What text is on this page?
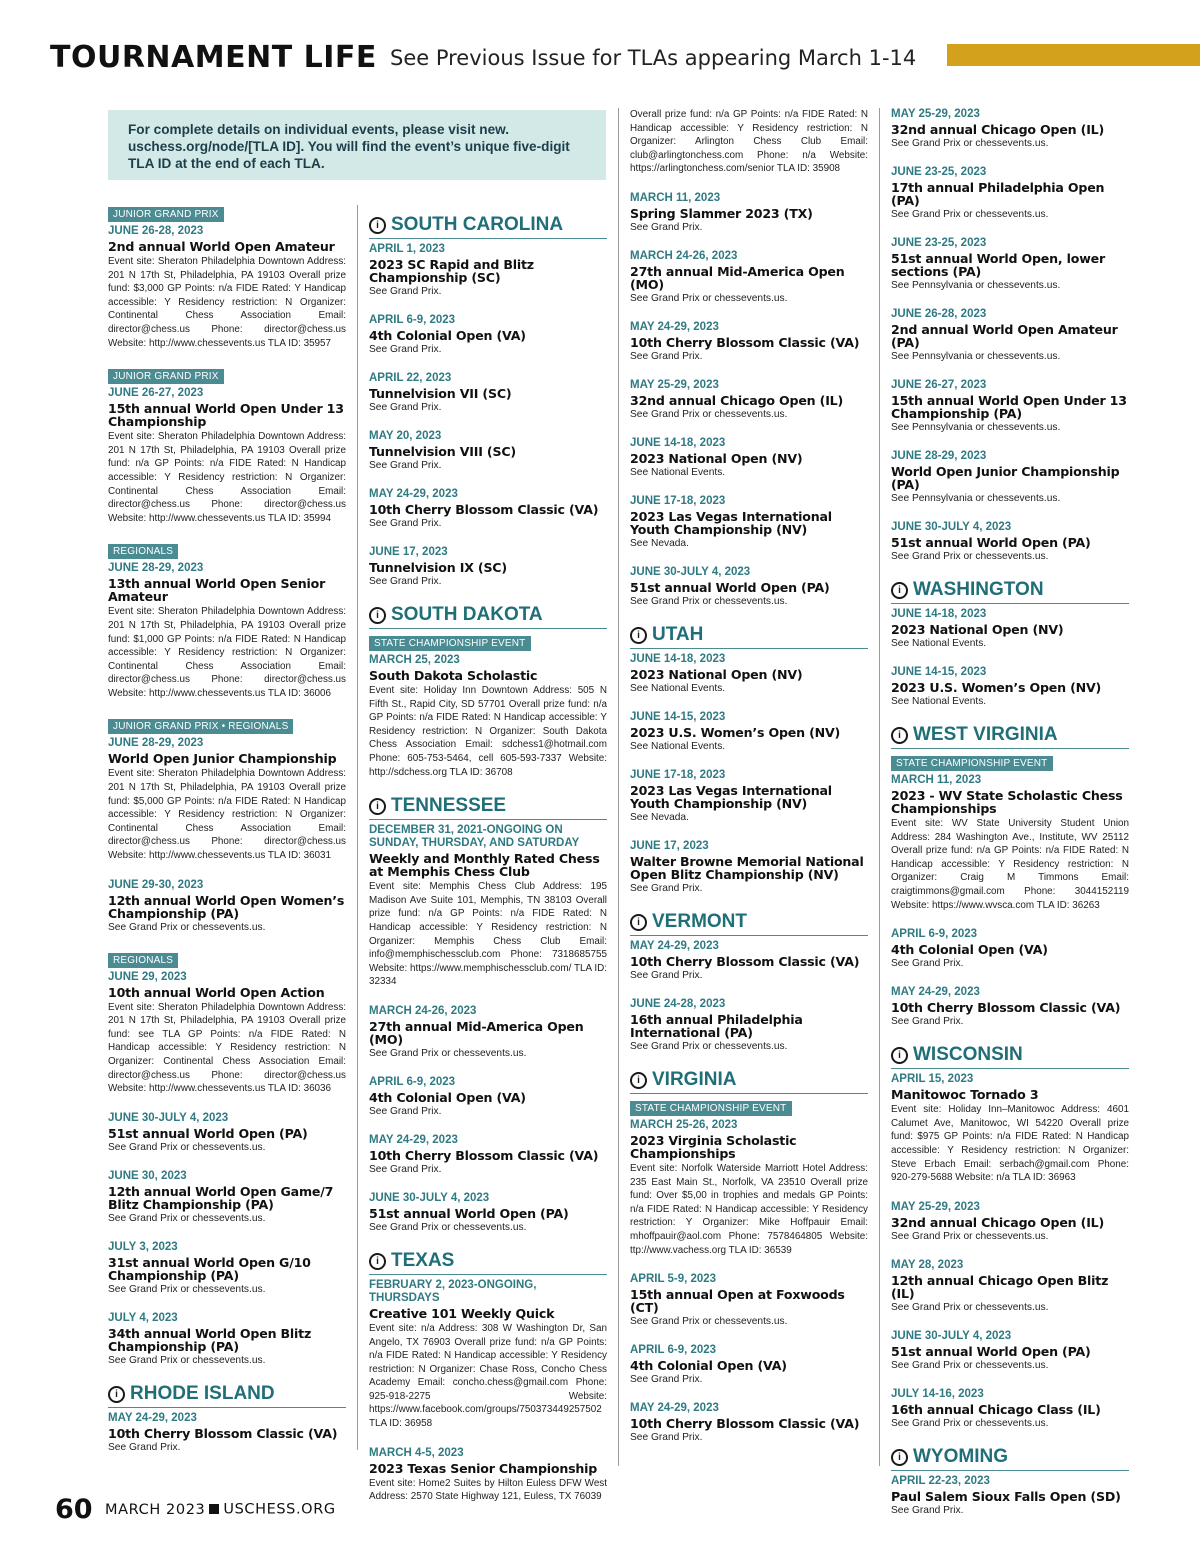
TOURNAMENT LIFE See Previous Issue for TLAs appearing March 1-14
For complete details on individual events, please visit new. uschess.org/node/[TLA ID]. You will find the event’s unique five-digit TLA ID at the end of each TLA.
JUNIOR GRAND PRIX
JUNE 26-28, 2023
2nd annual World Open Amateur
Event site: Sheraton Philadelphia Downtown Address: 201 N 17th St, Philadelphia, PA 19103 Overall prize fund: $3,000 GP Points: n/a FIDE Rated: Y Handicap accessible: Y Residency restriction: N Organizer: Continental Chess Association Email: director@chess.us Phone: director@chess.us Website: http://www.chessevents.us TLA ID: 35957
JUNIOR GRAND PRIX
JUNE 26-27, 2023
15th annual World Open Under 13 Championship
Event site: Sheraton Philadelphia Downtown Address: 201 N 17th St, Philadelphia, PA 19103 Overall prize fund: n/a GP Points: n/a FIDE Rated: N Handicap accessible: Y Residency restriction: N Organizer: Continental Chess Association Email: director@chess.us Phone: director@chess.us Website: http://www.chessevents.us TLA ID: 35994
REGIONALS
JUNE 28-29, 2023
13th annual World Open Senior Amateur
Event site: Sheraton Philadelphia Downtown Address: 201 N 17th St, Philadelphia, PA 19103 Overall prize fund: $1,000 GP Points: n/a FIDE Rated: N Handicap accessible: Y Residency restriction: N Organizer: Continental Chess Association Email: director@chess.us Phone: director@chess.us Website: http://www.chessevents.us TLA ID: 36006
JUNIOR GRAND PRIX • REGIONALS
JUNE 28-29, 2023
World Open Junior Championship
Event site: Sheraton Philadelphia Downtown Address: 201 N 17th St, Philadelphia, PA 19103 Overall prize fund: $5,000 GP Points: n/a FIDE Rated: N Handicap accessible: Y Residency restriction: N Organizer: Continental Chess Association Email: director@chess.us Phone: director@chess.us Website: http://www.chessevents.us TLA ID: 36031
JUNE 29-30, 2023
12th annual World Open Women’s Championship (PA)
See Grand Prix or chessevents.us.
REGIONALS
JUNE 29, 2023
10th annual World Open Action
Event site: Sheraton Philadelphia Downtown Address: 201 N 17th St, Philadelphia, PA 19103 Overall prize fund: see TLA GP Points: n/a FIDE Rated: N Handicap accessible: Y Residency restriction: N Organizer: Continental Chess Association Email: director@chess.us Phone: director@chess.us Website: http://www.chessevents.us TLA ID: 36036
JUNE 30-JULY 4, 2023
51st annual World Open (PA)
See Grand Prix or chessevents.us.
JUNE 30, 2023
12th annual World Open Game/7 Blitz Championship (PA)
See Grand Prix or chessevents.us.
JULY 3, 2023
31st annual World Open G/10 Championship (PA)
See Grand Prix or chessevents.us.
JULY 4, 2023
34th annual World Open Blitz Championship (PA)
See Grand Prix or chessevents.us.
i RHODE ISLAND
MAY 24-29, 2023
10th Cherry Blossom Classic (VA)
See Grand Prix.
i SOUTH CAROLINA
APRIL 1, 2023
2023 SC Rapid and Blitz Championship (SC)
See Grand Prix.
APRIL 6-9, 2023
4th Colonial Open (VA)
See Grand Prix.
APRIL 22, 2023
Tunnelvision VII (SC)
See Grand Prix.
MAY 20, 2023
Tunnelvision VIII (SC)
See Grand Prix.
MAY 24-29, 2023
10th Cherry Blossom Classic (VA)
See Grand Prix.
JUNE 17, 2023
Tunnelvision IX (SC)
See Grand Prix.
i SOUTH DAKOTA
STATE CHAMPIONSHIP EVENT
MARCH 25, 2023
South Dakota Scholastic
Event site: Holiday Inn Downtown Address: 505 N Fifth St., Rapid City, SD 57701 Overall prize fund: n/a GP Points: n/a FIDE Rated: N Handicap accessible: Y Residency restriction: N Organizer: South Dakota Chess Association Email: sdchess1@hotmail.com Phone: 605-753-5464, cell 605-593-7337 Website: http://sdchess.org TLA ID: 36708
i TENNESSEE
DECEMBER 31, 2021-ONGOING ON SUNDAY, THURSDAY, AND SATURDAY
Weekly and Monthly Rated Chess at Memphis Chess Club
Event site: Memphis Chess Club Address: 195 Madison Ave Suite 101, Memphis, TN 38103 Overall prize fund: n/a GP Points: n/a FIDE Rated: N Handicap accessible: Y Residency restriction: N Organizer: Memphis Chess Club Email: info@memphischessclub.com Phone: 7318685755 Website: https://www.memphischessclub.com/ TLA ID: 32334
MARCH 24-26, 2023
27th annual Mid-America Open (MO)
See Grand Prix or chessevents.us.
APRIL 6-9, 2023
4th Colonial Open (VA)
See Grand Prix.
MAY 24-29, 2023
10th Cherry Blossom Classic (VA)
See Grand Prix.
JUNE 30-JULY 4, 2023
51st annual World Open (PA)
See Grand Prix or chessevents.us.
i TEXAS
FEBRUARY 2, 2023-ONGOING, THURSDAYS
Creative 101 Weekly Quick
Event site: n/a Address: 308 W Washington Dr, San Angelo, TX 76903 Overall prize fund: n/a GP Points: n/a FIDE Rated: N Handicap accessible: Y Residency restriction: N Organizer: Chase Ross, Concho Chess Academy Email: concho.chess@gmail.com Phone: 925-918-2275 Website: https://www.facebook.com/groups/750373449257502 TLA ID: 36958
MARCH 4-5, 2023
2023 Texas Senior Championship
Event site: Home2 Suites by Hilton Euless DFW West Address: 2570 State Highway 121, Euless, TX 76039
Overall prize fund: n/a GP Points: n/a FIDE Rated: N Handicap accessible: Y Residency restriction: N Organizer: Arlington Chess Club Email: club@arlingtonchess.com Phone: n/a Website: https://arlingtonchess.com/senior TLA ID: 35908
MARCH 11, 2023
Spring Slammer 2023 (TX)
See Grand Prix.
MARCH 24-26, 2023
27th annual Mid-America Open (MO)
See Grand Prix or chessevents.us.
MAY 24-29, 2023
10th Cherry Blossom Classic (VA)
See Grand Prix.
MAY 25-29, 2023
32nd annual Chicago Open (IL)
See Grand Prix or chessevents.us.
JUNE 14-18, 2023
2023 National Open (NV)
See National Events.
JUNE 17-18, 2023
2023 Las Vegas International Youth Championship (NV)
See Nevada.
JUNE 30-JULY 4, 2023
51st annual World Open (PA)
See Grand Prix or chessevents.us.
i UTAH
JUNE 14-18, 2023
2023 National Open (NV)
See National Events.
JUNE 14-15, 2023
2023 U.S. Women’s Open (NV)
See National Events.
JUNE 17-18, 2023
2023 Las Vegas International Youth Championship (NV)
See Nevada.
JUNE 17, 2023
Walter Browne Memorial National Open Blitz Championship (NV)
See Grand Prix.
i VERMONT
MAY 24-29, 2023
10th Cherry Blossom Classic (VA)
See Grand Prix.
JUNE 24-28, 2023
16th annual Philadelphia International (PA)
See Grand Prix or chessevents.us.
i VIRGINIA
STATE CHAMPIONSHIP EVENT
MARCH 25-26, 2023
2023 Virginia Scholastic Championships
Event site: Norfolk Waterside Marriott Hotel Address: 235 East Main St., Norfolk, VA 23510 Overall prize fund: Over $5,00 in trophies and medals GP Points: n/a FIDE Rated: N Handicap accessible: Y Residency restriction: Y Organizer: Mike Hoffpauir Email: mhoffpauir@aol.com Phone: 7578464805 Website: ttp://www.vachess.org TLA ID: 36539
APRIL 5-9, 2023
15th annual Open at Foxwoods (CT)
See Grand Prix or chessevents.us.
APRIL 6-9, 2023
4th Colonial Open (VA)
See Grand Prix.
MAY 24-29, 2023
10th Cherry Blossom Classic (VA)
See Grand Prix.
MAY 25-29, 2023
32nd annual Chicago Open (IL)
See Grand Prix or chessevents.us.
JUNE 23-25, 2023
17th annual Philadelphia Open (PA)
See Grand Prix or chessevents.us.
JUNE 23-25, 2023
51st annual World Open, lower sections (PA)
See Pennsylvania or chessevents.us.
JUNE 26-28, 2023
2nd annual World Open Amateur (PA)
See Pennsylvania or chessevents.us.
JUNE 26-27, 2023
15th annual World Open Under 13 Championship (PA)
See Pennsylvania or chessevents.us.
JUNE 28-29, 2023
World Open Junior Championship (PA)
See Pennsylvania or chessevents.us.
JUNE 30-JULY 4, 2023
51st annual World Open (PA)
See Grand Prix or chessevents.us.
i WASHINGTON
JUNE 14-18, 2023
2023 National Open (NV)
See National Events.
JUNE 14-15, 2023
2023 U.S. Women’s Open (NV)
See National Events.
i WEST VIRGINIA
STATE CHAMPIONSHIP EVENT
MARCH 11, 2023
2023 - WV State Scholastic Chess Championships
Event site: WV State University Student Union Address: 284 Washington Ave., Institute, WV 25112 Overall prize fund: n/a GP Points: n/a FIDE Rated: N Handicap accessible: Y Residency restriction: N Organizer: Craig M Timmons Email: craigtimmons@gmail.com Phone: 3044152119 Website: https://www.wvsca.com TLA ID: 36263
APRIL 6-9, 2023
4th Colonial Open (VA)
See Grand Prix.
MAY 24-29, 2023
10th Cherry Blossom Classic (VA)
See Grand Prix.
i WISCONSIN
APRIL 15, 2023
Manitowoc Tornado 3
Event site: Holiday Inn–Manitowoc Address: 4601 Calumet Ave, Manitowoc, WI 54220 Overall prize fund: $975 GP Points: n/a FIDE Rated: N Handicap accessible: Y Residency restriction: N Organizer: Steve Erbach Email: serbach@gmail.com Phone: 920-279-5688 Website: n/a TLA ID: 36963
MAY 25-29, 2023
32nd annual Chicago Open (IL)
See Grand Prix or chessevents.us.
MAY 28, 2023
12th annual Chicago Open Blitz (IL)
See Grand Prix or chessevents.us.
JUNE 30-JULY 4, 2023
51st annual World Open (PA)
See Grand Prix or chessevents.us.
JULY 14-16, 2023
16th annual Chicago Class (IL)
See Grand Prix or chessevents.us.
i WYOMING
APRIL 22-23, 2023
Paul Salem Sioux Falls Open (SD)
See Grand Prix.
60 MARCH 2023 USCHESS.ORG
